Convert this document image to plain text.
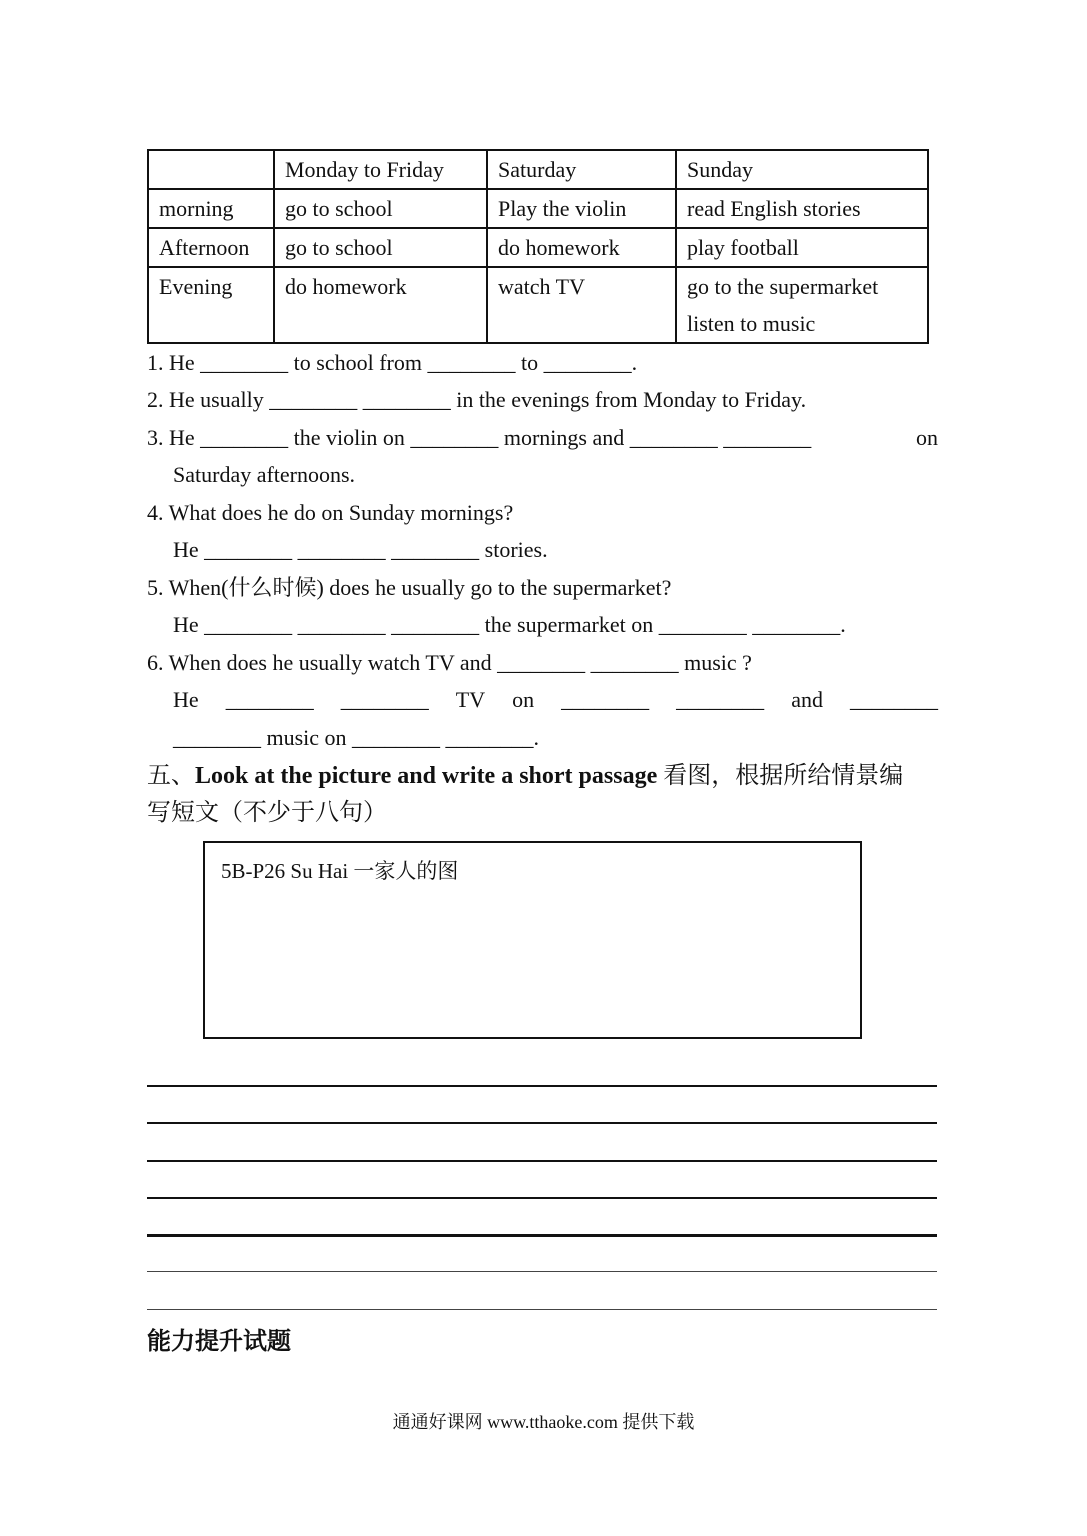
	Monday to Friday	Saturday	Sunday
morning	go to school	Play the violin	read English stories
Afternoon	go to school	do homework	play football
Evening	do homework	watch TV	go to the supermarket
listen to music
1. He ________ to school from ________ to ________.
2. He usually ________ ________ in the evenings from Monday to Friday.
3. He ________ the violin on ________ mornings and ________ ________	on
Saturday afternoons.
4. What does he do on Sunday mornings?
He ________ ________ ________ stories.
5. When(什么时候) does he usually go to the supermarket?
He ________ ________ ________ the supermarket on ________ ________.
6. When does he usually watch TV and ________ ________ music ?
He ________ ________ TV on ________ ________ and ________
________ music on ________ ________.
五、Look at the picture and write a short passage 看图，根据所给情景编
写短文（不少于八句）
5B-P26 Su Hai 一家人的图
能力提升试题
通通好课网 www.tthaoke.com 提供下载
